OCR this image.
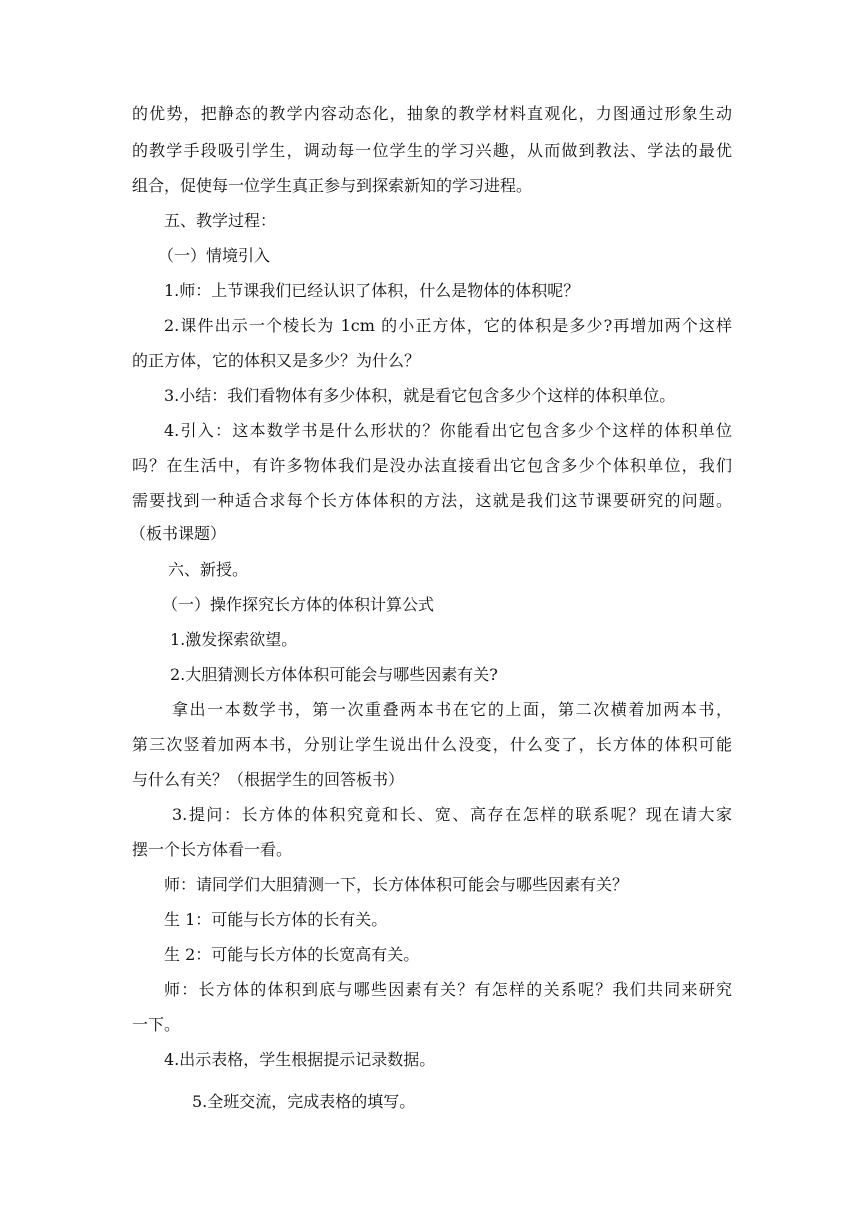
的优势，把静态的教学内容动态化，抽象的教学材料直观化，力图通过形象生动

的教学手段吸引学生，调动每一位学生的学习兴趣，从而做到教法、学法的最优

组合，促使每一位学生真正参与到探索新知的学习进程。

五、教学过程：

（一）情境引入

1.师：上节课我们已经认识了体积，什么是物体的体积呢？

2.课件出示一个棱长为 1cm 的小正方体，它的体积是多少?再增加两个这样

的正方体，它的体积又是多少？为什么？

3.小结：我们看物体有多少体积，就是看它包含多少个这样的体积单位。

4.引入：这本数学书是什么形状的？你能看出它包含多少个这样的体积单位

吗？在生活中，有许多物体我们是没办法直接看出它包含多少个体积单位，我们

需要找到一种适合求每个长方体体积的方法，这就是我们这节课要研究的问题。

（板书课题）

六、新授。

（一）操作探究长方体的体积计算公式

1.激发探索欲望。

2.大胆猜测长方体体积可能会与哪些因素有关?

拿出一本数学书，第一次重叠两本书在它的上面，第二次横着加两本书，

第三次竖着加两本书，分别让学生说出什么没变，什么变了，长方体的体积可能

与什么有关？（根据学生的回答板书）

3.提问：长方体的体积究竟和长、宽、高存在怎样的联系呢？现在请大家

摆一个长方体看一看。

师：请同学们大胆猜测一下，长方体体积可能会与哪些因素有关？

生 1：可能与长方体的长有关。

生 2：可能与长方体的长宽高有关。

师：长方体的体积到底与哪些因素有关？有怎样的关系呢？我们共同来研究

一下。

4.出示表格，学生根据提示记录数据。

5.全班交流，完成表格的填写。
